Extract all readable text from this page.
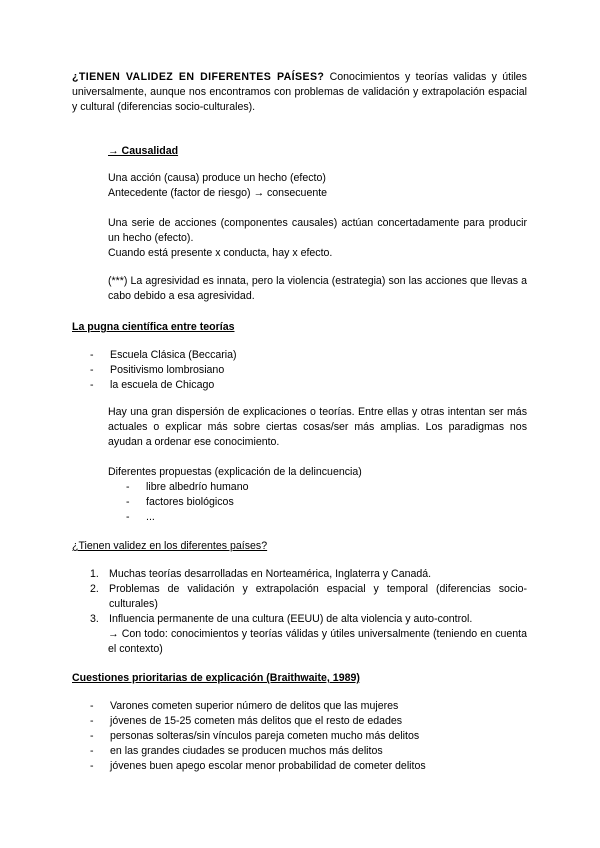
¿TIENEN VALIDEZ EN DIFERENTES PAÍSES? Conocimientos y teorías validas y útiles universalmente, aunque nos encontramos con problemas de validación y extrapolación espacial y cultural (diferencias socio-culturales).

→ Causalidad

Una acción (causa) produce un hecho (efecto)

Antecedente (factor de riesgo) → consecuente

Una serie de acciones (componentes causales) actúan concertadamente para producir un hecho (efecto).

Cuando está presente x conducta, hay x efecto.

(***) La agresividad es innata, pero la violencia (estrategia) son las acciones que llevas a cabo debido a esa agresividad.

La pugna científica entre teorías

- Escuela Clásica (Beccaria)
- Positivismo lombrosiano
- la escuela de Chicago

Hay una gran dispersión de explicaciones o teorías. Entre ellas y otras intentan ser más actuales o explicar más sobre ciertas cosas/ser más amplias. Los paradigmas nos ayudan a ordenar ese conocimiento.

Diferentes propuestas (explicación de la delincuencia)

- libre albedrío humano
- factores biológicos
- ...

¿Tienen validez en los diferentes países?

1. Muchas teorías desarrolladas en Norteamérica, Inglaterra y Canadá.
2. Problemas de validación y extrapolación espacial y temporal (diferencias socio-culturales)
3. Influencia permanente de una cultura (EEUU) de alta violencia y auto-control.

→ Con todo: conocimientos y teorías válidas y útiles universalmente (teniendo en cuenta el contexto)

Cuestiones prioritarias de explicación (Braithwaite, 1989)

- Varones cometen superior número de delitos que las mujeres
- jóvenes de 15-25 cometen más delitos que el resto de edades
- personas solteras/sin vínculos pareja cometen mucho más delitos
- en las grandes ciudades se producen muchos más delitos
- jóvenes buen apego escolar menor probabilidad de cometer delitos
